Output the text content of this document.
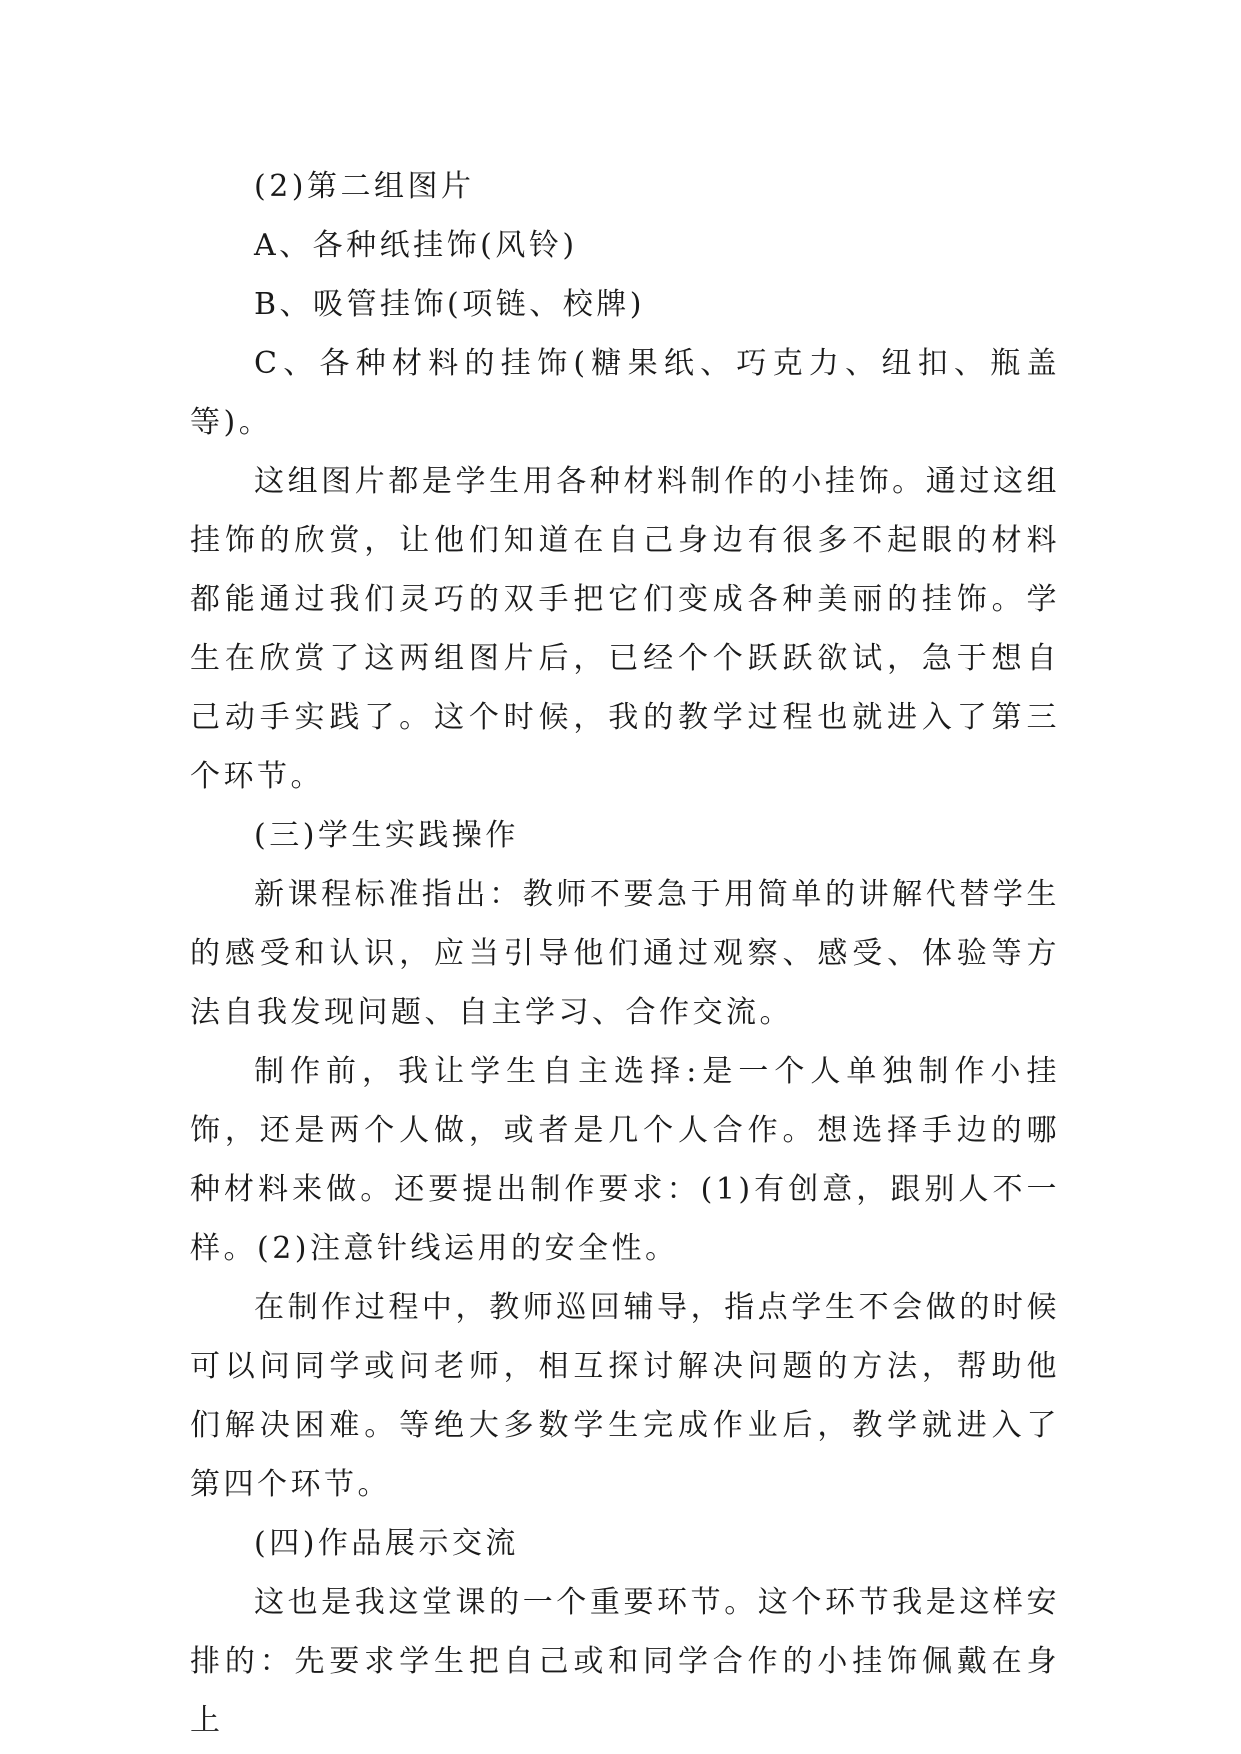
(2)第二组图片

A、各种纸挂饰(风铃)

B、吸管挂饰(项链、校牌)

C、各种材料的挂饰(糖果纸、巧克力、纽扣、瓶盖等)。

这组图片都是学生用各种材料制作的小挂饰。通过这组挂饰的欣赏，让他们知道在自己身边有很多不起眼的材料都能通过我们灵巧的双手把它们变成各种美丽的挂饰。学生在欣赏了这两组图片后，已经个个跃跃欲试，急于想自己动手实践了。这个时候，我的教学过程也就进入了第三个环节。

(三)学生实践操作

新课程标准指出：教师不要急于用简单的讲解代替学生的感受和认识，应当引导他们通过观察、感受、体验等方法自我发现问题、自主学习、合作交流。

制作前，我让学生自主选择:是一个人单独制作小挂饰，还是两个人做，或者是几个人合作。想选择手边的哪种材料来做。还要提出制作要求：(1)有创意，跟别人不一样。(2)注意针线运用的安全性。

在制作过程中，教师巡回辅导，指点学生不会做的时候可以问同学或问老师，相互探讨解决问题的方法，帮助他们解决困难。等绝大多数学生完成作业后，教学就进入了第四个环节。

(四)作品展示交流

这也是我这堂课的一个重要环节。这个环节我是这样安排的：先要求学生把自己或和同学合作的小挂饰佩戴在身上
